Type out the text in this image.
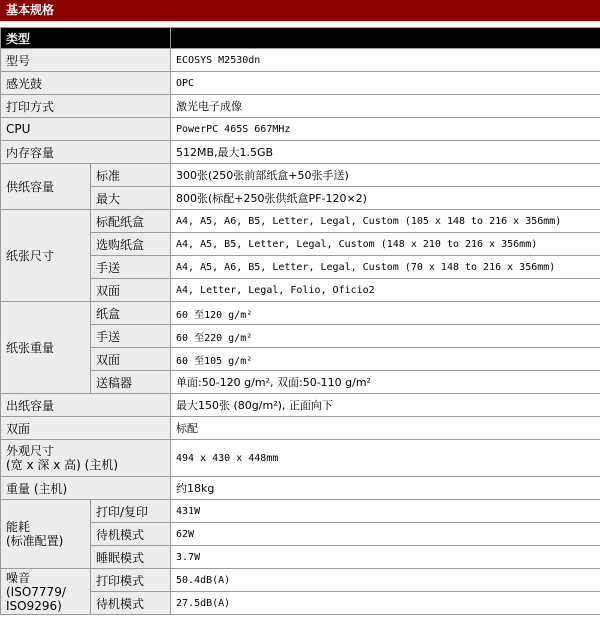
基本规格
类型		
型号		ECOSYS M2530dn
感光鼓		OPC
打印方式		激光电子成像
CPU		PowerPC 465S 667MHz
内存容量		512MB,最大1.5GB
供纸容量	标准	300张(250张前部纸盒+50张手送)
	最大	800张(标配+250张供纸盒PF-120×2)
纸张尺寸	标配纸盒	A4, A5, A6, B5, Letter, Legal, Custom (105 x 148 to 216 x 356mm)
	选购纸盒	A4, A5, B5, Letter, Legal, Custom (148 x 210 to 216 x 356mm)
	手送	A4, A5, A6, B5, Letter, Legal, Custom (70 x 148 to 216 x 356mm)
	双面	A4, Letter, Legal, Folio, Oficio2
纸张重量	纸盒	60 至120 g/m²
	手送	60 至220 g/m²
	双面	60 至105 g/m²
	送稿器	单面:50-120 g/m², 双面:50-110 g/m²
出纸容量		最大150张 (80g/m²), 正面向下
双面		标配

外观尺寸
(宽 x 深 x 高) (主机)		494 x 430 x 448mm
重量 (主机)		约18kg

能耗
(标准配置)	打印/复印	431W
	待机模式	62W
	睡眠模式	3.7W

噪音
(ISO7779/
ISO9296)	打印模式	50.4dB(A)
	待机模式	27.5dB(A)
